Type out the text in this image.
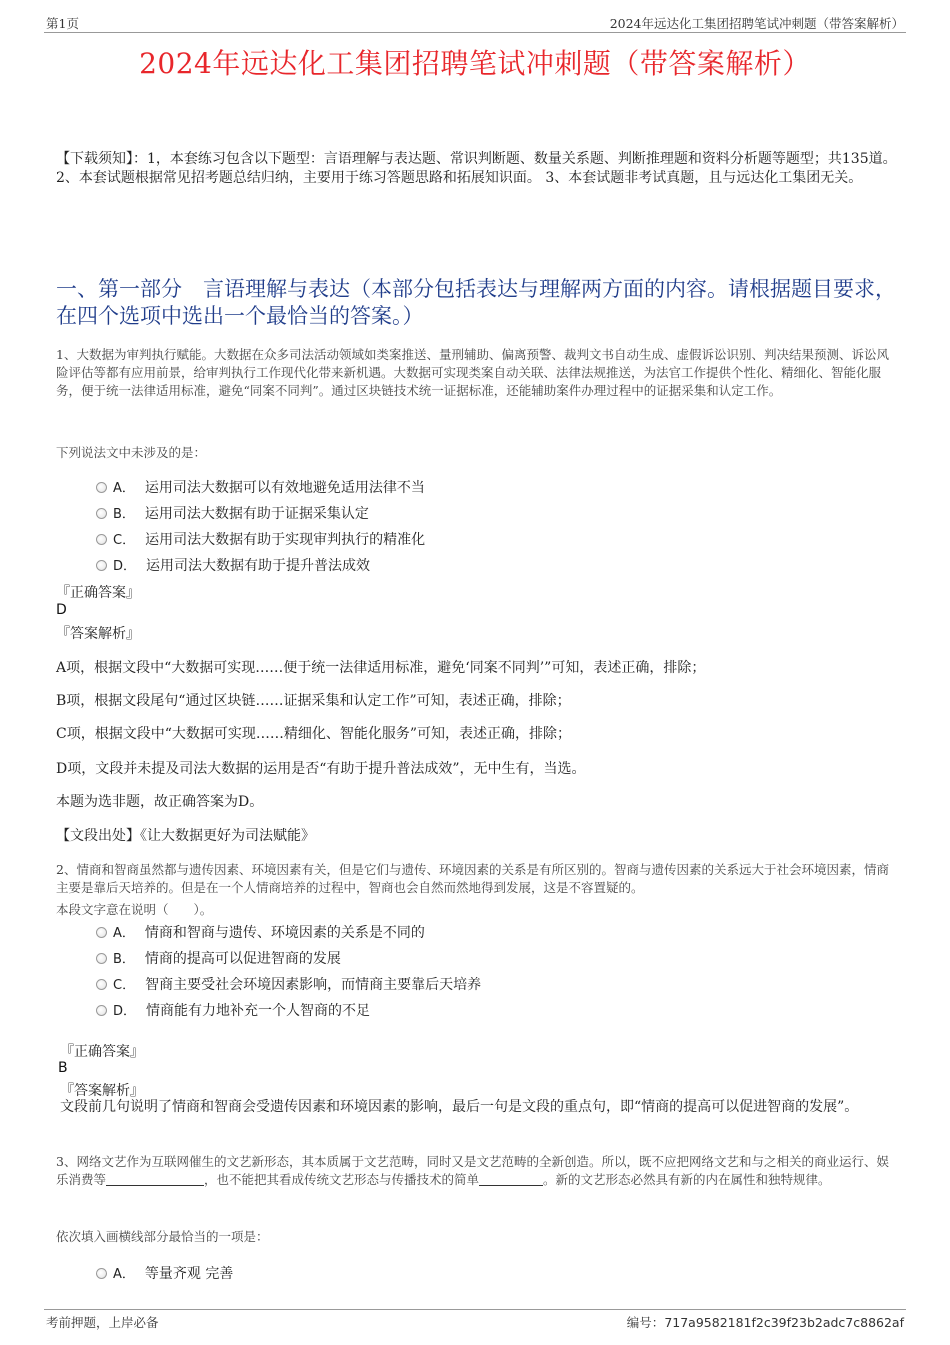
第1页	2024年远达化工集团招聘笔试冲刺题（带答案解析）
2024年远达化工集团招聘笔试冲刺题（带答案解析）
【下载须知】：1，本套练习包含以下题型：言语理解与表达题、常识判断题、数量关系题、判断推理题和资料分析题等题型；共135道。 2、本套试题根据常见招考题总结归纳，主要用于练习答题思路和拓展知识面。 3、本套试题非考试真题，且与远达化工集团无关。
一、第一部分　言语理解与表达（本部分包括表达与理解两方面的内容。请根据题目要求，在四个选项中选出一个最恰当的答案。）
1、大数据为审判执行赋能。大数据在众多司法活动领域如类案推送、量刑辅助、偏离预警、裁判文书自动生成、虚假诉讼识别、判决结果预测、诉讼风险评估等都有应用前景，给审判执行工作现代化带来新机遇。大数据可实现类案自动关联、法律法规推送，为法官工作提供个性化、精细化、智能化服务，便于统一法律适用标准，避免“同案不同判”。通过区块链技术统一证据标准，还能辅助案件办理过程中的证据采集和认定工作。
下列说法文中未涉及的是：
A． 运用司法大数据可以有效地避免适用法律不当
B． 运用司法大数据有助于证据采集认定
C． 运用司法大数据有助于实现审判执行的精准化
D． 运用司法大数据有助于提升普法成效
『正确答案』
D
『答案解析』
A项，根据文段中“大数据可实现……便于统一法律适用标准，避免‘同案不同判’”可知，表述正确，排除；
B项，根据文段尾句“通过区块链……证据采集和认定工作”可知，表述正确，排除；
C项，根据文段中“大数据可实现……精细化、智能化服务”可知，表述正确，排除；
D项，文段并未提及司法大数据的运用是否“有助于提升普法成效”，无中生有，当选。
本题为选非题，故正确答案为D。
【文段出处】《让大数据更好为司法赋能》
2、情商和智商虽然都与遗传因素、环境因素有关，但是它们与遗传、环境因素的关系是有所区别的。智商与遗传因素的关系远大于社会环境因素，情商主要是靠后天培养的。但是在一个人情商培养的过程中，智商也会自然而然地得到发展，这是不容置疑的。
本段文字意在说明（　　）。
A． 情商和智商与遗传、环境因素的关系是不同的
B． 情商的提高可以促进智商的发展
C． 智商主要受社会环境因素影响，而情商主要靠后天培养
D． 情商能有力地补充一个人智商的不足
『正确答案』
B
『答案解析』
文段前几句说明了情商和智商会受遗传因素和环境因素的影响，最后一句是文段的重点句，即“情商的提高可以促进智商的发展”。
3、网络文艺作为互联网催生的文艺新形态，其本质属于文艺范畴，同时又是文艺范畴的全新创造。所以，既不应把网络文艺和与之相关的商业运行、娱乐消费等	，也不能把其看成传统文艺形态与传播技术的简单	。新的文艺形态必然具有新的内在属性和独特规律。
依次填入画横线部分最恰当的一项是：
A． 等量齐观 完善
考前押题，上岸必备	编号：717a9582181f2c39f23b2adc7c8862af
